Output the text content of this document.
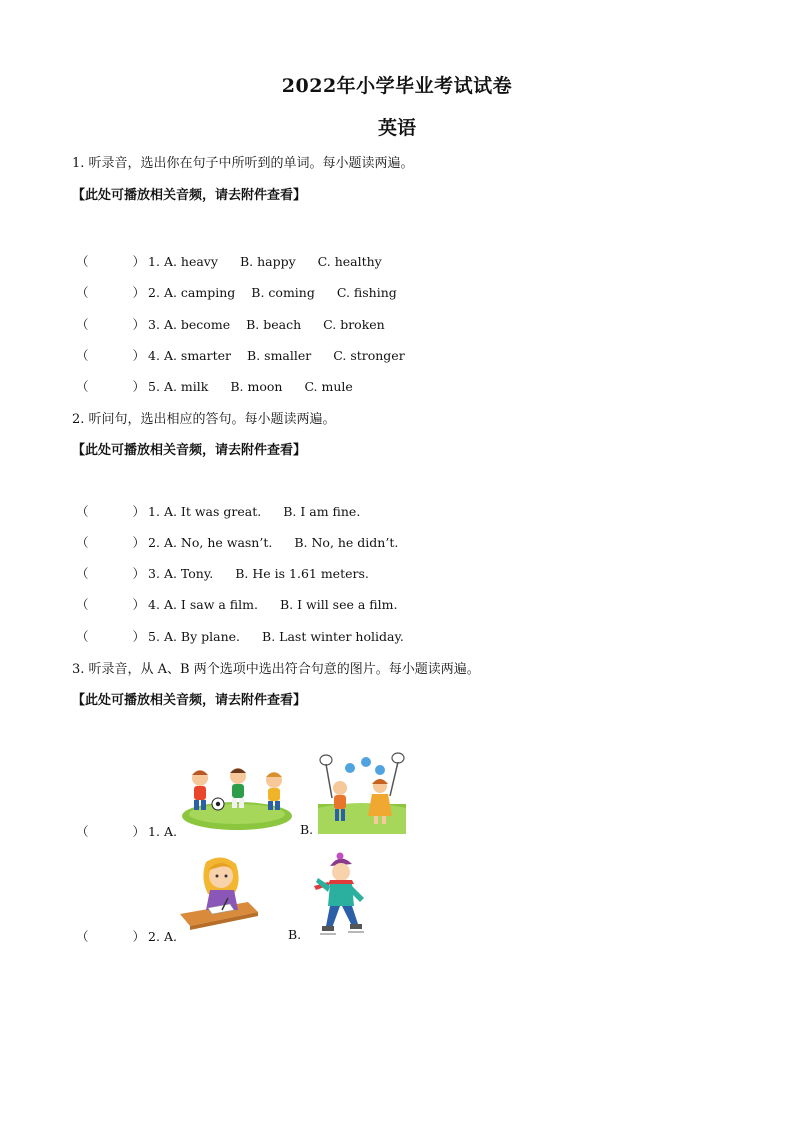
2022年小学毕业考试试卷
英语
1. 听录音，选出你在句子中所听到的单词。每小题读两遍。
【此处可播放相关音频，请去附件查看】
（	） 1. A. heavy B. happy C. healthy
（	） 2. A. camping B. coming C. fishing
（	） 3. A. become B. beach C. broken
（	） 4. A. smarter B. smaller C. stronger
（	） 5. A. milk B. moon C. mule
2. 听问句，选出相应的答句。每小题读两遍。
【此处可播放相关音频，请去附件查看】
（	） 1. A. It was great. B. I am fine.
（	） 2. A. No, he wasn’t. B. No, he didn’t.
（	） 3. A. Tony. B. He is 1.61 meters.
（	） 4. A. I saw a film. B. I will see a film.
（	） 5. A. By plane. B. Last winter holiday.
3. 听录音，从 A、B 两个选项中选出符合句意的图片。每小题读两遍。
【此处可播放相关音频，请去附件查看】
（	） 1. A.	B.
（	） 2. A.	B.
